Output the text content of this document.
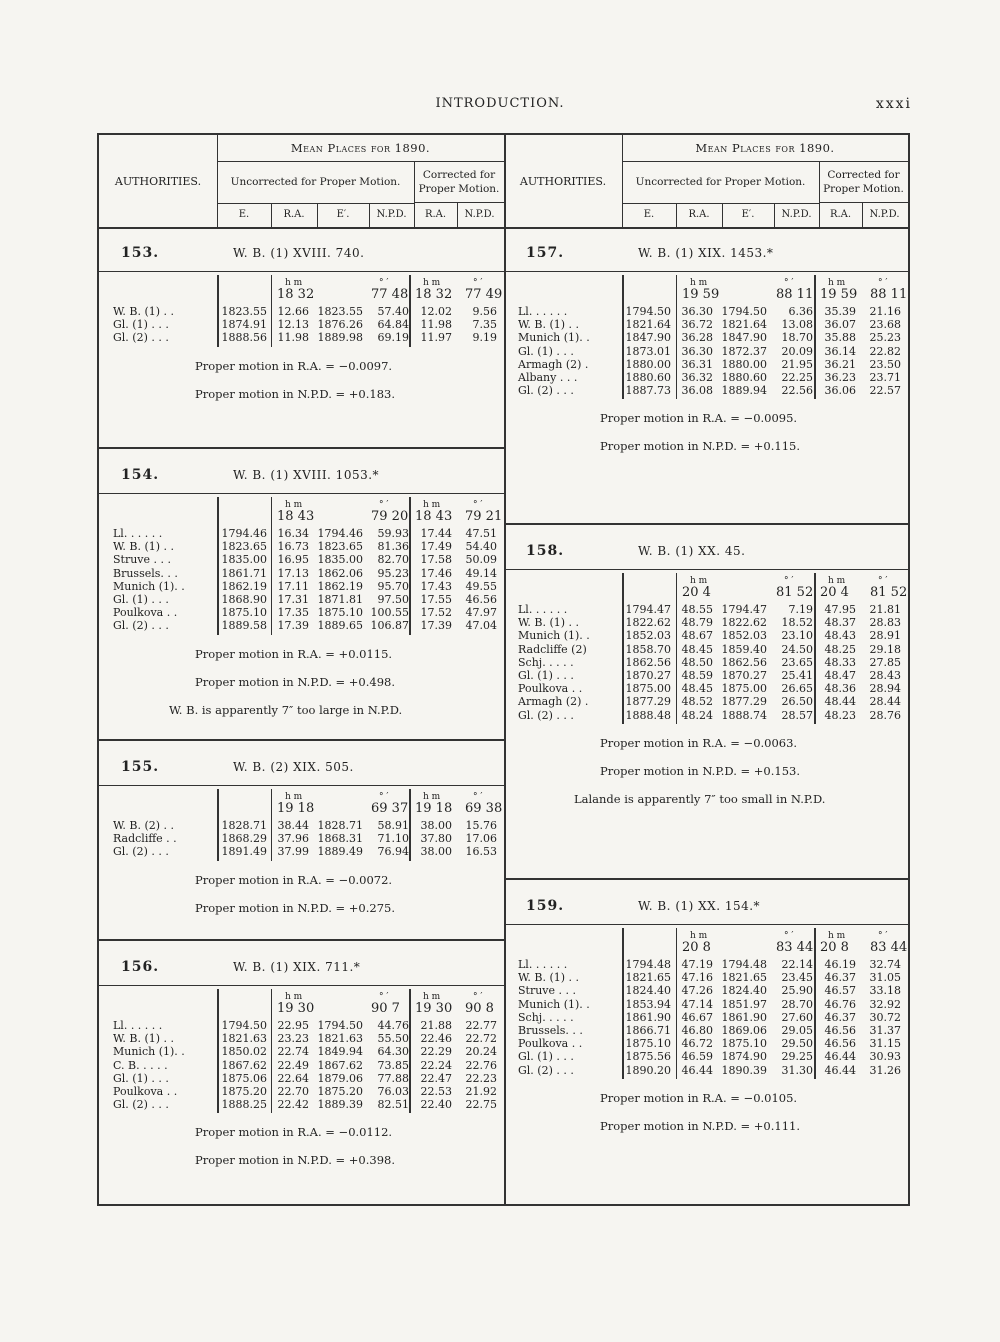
INTRODUCTION.	xxxi
AUTHORITIES.
Mean Places for 1890.
Uncorrected for Proper Motion.
Corrected for Proper Motion.
E.	R.A.	E′.	N.P.D.	R.A.	N.P.D.
153.	W. B. (1) XVIII. 740.
h m
18 32
° ′
77 48
h m
18 32
° ′
77 49
W. B. (1) . .	1823.55 12.66 1823.55 57.40 12.02 9.56
Gl. (1) . . .	1874.91 12.13 1876.26 64.84 11.98 7.35
Gl. (2) . . .	1888.56 11.98 1889.98 69.19 11.97 9.19
Proper motion in R.A. = −0.0097.
Proper motion in N.P.D. = +0.183.
154.	W. B. (1) XVIII. 1053.*
h m
18 43
° ′
79 20
h m
18 43
° ′
79 21
Ll. . . . . .	1794.46 16.34 1794.46 59.93 17.44 47.51
W. B. (1) . .	1823.65 16.73 1823.65 81.36 17.49 54.40
Struve . . .	1835.00 16.95 1835.00 82.70 17.58 50.09
Brussels. . .	1861.71 17.13 1862.06 95.23 17.46 49.14
Munich (1). .	1862.19 17.11 1862.19 95.70 17.43 49.55
Gl. (1) . . .	1868.90 17.31 1871.81 97.50 17.55 46.56
Poulkova . .	1875.10 17.35 1875.10 100.55 17.52 47.97
Gl. (2) . . .	1889.58 17.39 1889.65 106.87 17.39 47.04
Proper motion in R.A. = +0.0115.
Proper motion in N.P.D. = +0.498.
W. B. is apparently 7″ too large in N.P.D.
155.	W. B. (2) XIX. 505.
h m
19 18
° ′
69 37
h m
19 18
° ′
69 38
W. B. (2) . .	1828.71 38.44 1828.71 58.91 38.00 15.76
Radcliffe . .	1868.29 37.96 1868.31 71.10 37.80 17.06
Gl. (2) . . .	1891.49 37.99 1889.49 76.94 38.00 16.53
Proper motion in R.A. = −0.0072.
Proper motion in N.P.D. = +0.275.
156.	W. B. (1) XIX. 711.*
h m
19 30
° ′
90 7
h m
19 30
° ′
90 8
Ll. . . . . .	1794.50 22.95 1794.50 44.76 21.88 22.77
W. B. (1) . .	1821.63 23.23 1821.63 55.50 22.46 22.72
Munich (1). .	1850.02 22.74 1849.94 64.30 22.29 20.24
C. B. . . . .	1867.62 22.49 1867.62 73.85 22.24 22.76
Gl. (1) . . .	1875.06 22.64 1879.06 77.88 22.47 22.23
Poulkova . .	1875.20 22.70 1875.20 76.03 22.53 21.92
Gl. (2) . . .	1888.25 22.42 1889.39 82.51 22.40 22.75
Proper motion in R.A. = −0.0112.
Proper motion in N.P.D. = +0.398.
AUTHORITIES.
Mean Places for 1890.
Uncorrected for Proper Motion.
Corrected for Proper Motion.
E.	R.A.	E′.	N.P.D.	R.A.	N.P.D.
157.	W. B. (1) XIX. 1453.*
h m
19 59
° ′
88 11
h m
19 59
° ′
88 11
Ll. . . . . .	1794.50 36.30 1794.50 6.36 35.39 21.16
W. B. (1) . .	1821.64 36.72 1821.64 13.08 36.07 23.68
Munich (1). .	1847.90 36.28 1847.90 18.70 35.88 25.23
Gl. (1) . . .	1873.01 36.30 1872.37 20.09 36.14 22.82
Armagh (2) .	1880.00 36.31 1880.00 21.95 36.21 23.50
Albany . . .	1880.60 36.32 1880.60 22.25 36.23 23.71
Gl. (2) . . .	1887.73 36.08 1889.94 22.56 36.06 22.57
Proper motion in R.A. = −0.0095.
Proper motion in N.P.D. = +0.115.
158.	W. B. (1) XX. 45.
h m
20 4
° ′
81 52
h m
20 4
° ′
81 52
Ll. . . . . .	1794.47 48.55 1794.47 7.19 47.95 21.81
W. B. (1) . .	1822.62 48.79 1822.62 18.52 48.37 28.83
Munich (1). .	1852.03 48.67 1852.03 23.10 48.43 28.91
Radcliffe (2)	1858.70 48.45 1859.40 24.50 48.25 29.18
Schj. . . . .	1862.56 48.50 1862.56 23.65 48.33 27.85
Gl. (1) . . .	1870.27 48.59 1870.27 25.41 48.47 28.43
Poulkova . .	1875.00 48.45 1875.00 26.65 48.36 28.94
Armagh (2) .	1877.29 48.52 1877.29 26.50 48.44 28.44
Gl. (2) . . .	1888.48 48.24 1888.74 28.57 48.23 28.76
Proper motion in R.A. = −0.0063.
Proper motion in N.P.D. = +0.153.
Lalande is apparently 7″ too small in N.P.D.
159.	W. B. (1) XX. 154.*
h m
20 8
° ′
83 44
h m
20 8
° ′
83 44
Ll. . . . . .	1794.48 47.19 1794.48 22.14 46.19 32.74
W. B. (1) . .	1821.65 47.16 1821.65 23.45 46.37 31.05
Struve . . .	1824.40 47.26 1824.40 25.90 46.57 33.18
Munich (1). .	1853.94 47.14 1851.97 28.70 46.76 32.92
Schj. . . . .	1861.90 46.67 1861.90 27.60 46.37 30.72
Brussels. . .	1866.71 46.80 1869.06 29.05 46.56 31.37
Poulkova . .	1875.10 46.72 1875.10 29.50 46.56 31.15
Gl. (1) . . .	1875.56 46.59 1874.90 29.25 46.44 30.93
Gl. (2) . . .	1890.20 46.44 1890.39 31.30 46.44 31.26
Proper motion in R.A. = −0.0105.
Proper motion in N.P.D. = +0.111.
